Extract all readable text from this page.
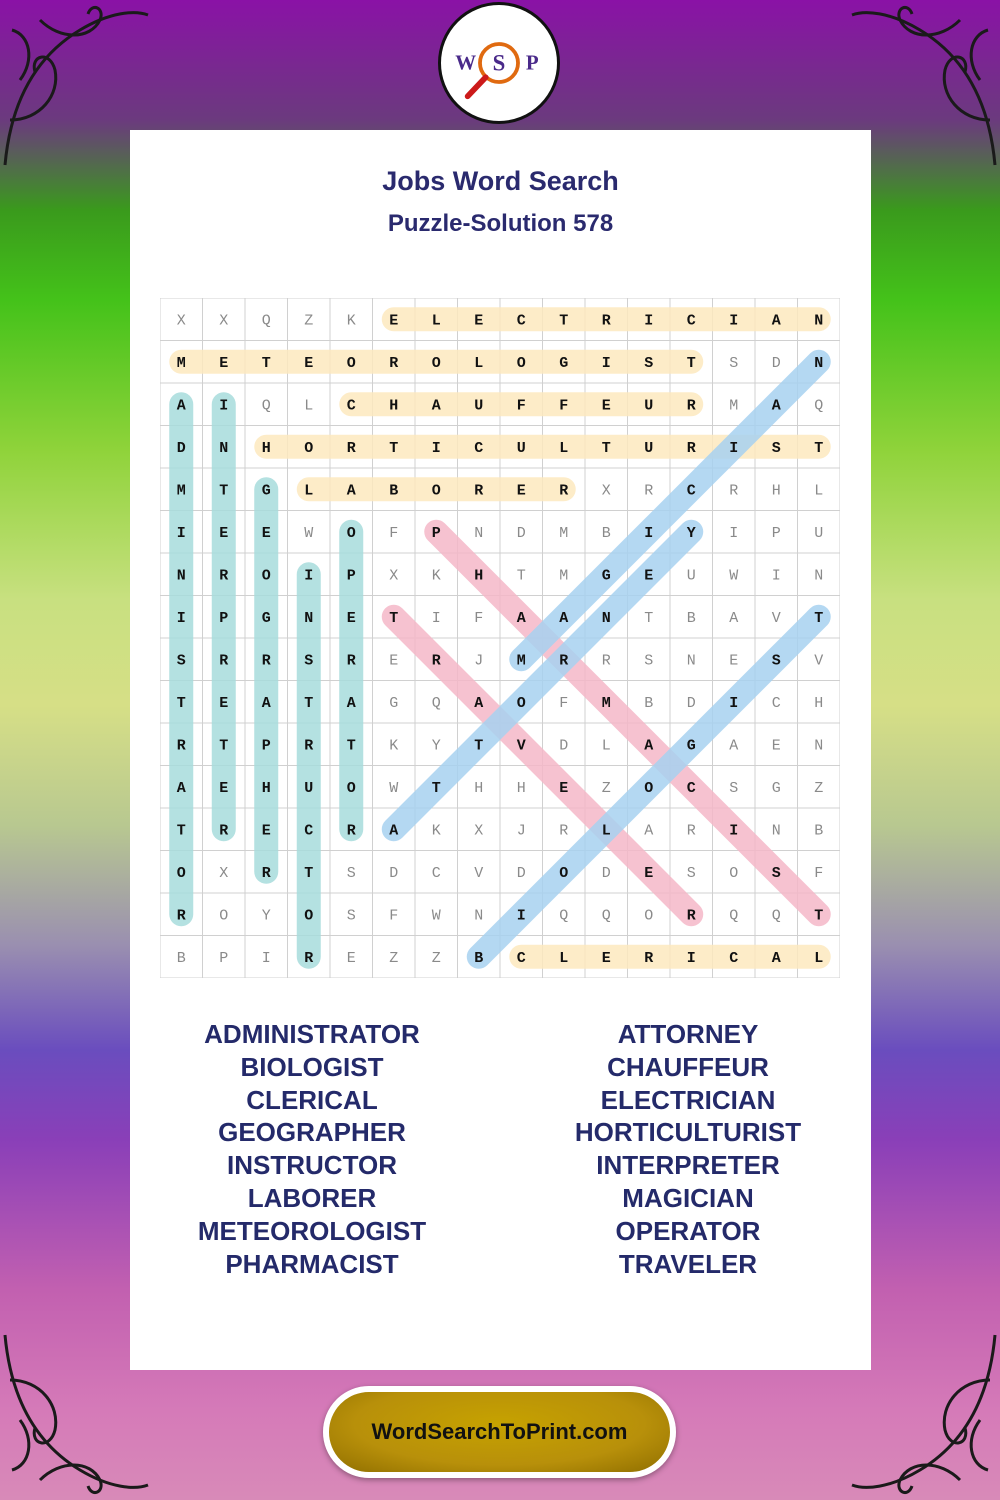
W S P
Jobs Word Search
Puzzle-Solution 578
X X Q Z K E L E C T R I C I A N
M E T E O R O L O G I S T S D N
A I Q L C H A U F F E U R M A Q
D N H O R T I C U L T U R I S T
M T G L A B O R E R X R C R H L
I E E W O F P N D M B I Y I P U
N R O I P X K H T M G E U W I N
I P G N E T I F A A N T B A V T
S R R S R E R J M R R S N E S V
T E A T A G Q A O F M B D I C H
R T P R T K Y T V D L A G A E N
A E H U O W T H H E Z O C S G Z
T R E C R A K X J R L A R I N B
O X R T S D C V D O D E S O S F
R O Y O S F W N I Q Q O R Q Q T
B P I R E Z Z B C L E R I C A L
ADMINISTRATOR
BIOLOGIST
CLERICAL
GEOGRAPHER
INSTRUCTOR
LABORER
METEOROLOGIST
PHARMACIST
ATTORNEY
CHAUFFEUR
ELECTRICIAN
HORTICULTURIST
INTERPRETER
MAGICIAN
OPERATOR
TRAVELER
WordSearchToPrint.com
